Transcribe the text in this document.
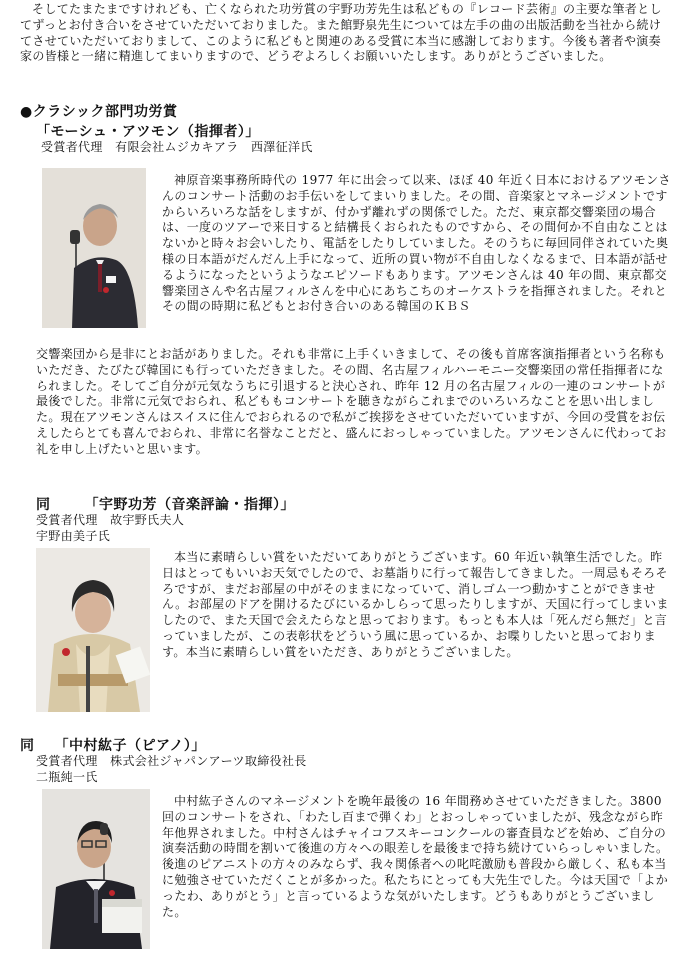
そしてたまたまですけれども、亡くなられた功労賞の宇野功芳先生は私どもの『レコード芸術』の主要な筆者としてずっとお付き合いをさせていただいておりました。また館野泉先生については左手の曲の出版活動を当社から続けてさせていただいておりまして、このように私どもと関連のある受賞に本当に感謝しております。今後も著者や演奏家の皆様と一緒に精進してまいりますので、どうぞよろしくお願いいたします。ありがとうございました。

●クラシック部門功労賞
「モーシュ・アツモン（指揮者）」

受賞者代理　有限会社ムジカキアラ　西澤征洋氏

神原音楽事務所時代の 1977 年に出会って以来、ほぼ 40 年近く日本におけるアツモンさんのコンサート活動のお手伝いをしてまいりました。その間、音楽家とマネージメントですからいろいろな話をしますが、付かず離れずの関係でした。ただ、東京都交響楽団の場合は、一度のツアーで来日すると結構長くおられたものですから、その間何か不自由なことはないかと時々お会いしたり、電話をしたりしていました。そのうちに毎回同伴されていた奥様の日本語がだんだん上手になって、近所の買い物が不自由しなくなるまで、日本語が話せるようになったというようなエピソードもあります。アツモンさんは 40 年の間、東京都交響楽団さんや名古屋フィルさんを中心にあちこちのオーケストラを指揮されました。それとその間の時期に私どもとお付き合いのある韓国のＫＢＳ

交響楽団から是非にとお話がありました。それも非常に上手くいきまして、その後も首席客演指揮者という名称もいただき、たびたび韓国にも行っていただきました。その間、名古屋フィルハーモニー交響楽団の常任指揮者になられました。そしてご自分が元気なうちに引退すると決心され、昨年 12 月の名古屋フィルの一連のコンサートが最後でした。非常に元気でおられ、私どももコンサートを聴きながらこれまでのいろいろなことを思い出しました。現在アツモンさんはスイスに住んでおられるので私がご挨拶をさせていただいていますが、今回の受賞をお伝えしたらとても喜んでおられ、非常に名誉なことだと、盛んにおっしゃっていました。アツモンさんに代わってお礼を申し上げたいと思います。

同 「宇野功芳（音楽評論・指揮）」

受賞者代理　故宇野氏夫人

宇野由美子氏

本当に素晴らしい賞をいただいてありがとうございます。60 年近い執筆生活でした。昨日はとってもいいお天気でしたので、お墓詣りに行って報告してきました。一周忌もそろそろですが、まだお部屋の中がそのままになっていて、消しゴム一つ動かすことができません。お部屋のドアを開けるたびにいるかしらって思ったりしますが、天国に行ってしまいましたので、また天国で会えたらなと思っております。もっとも本人は「死んだら無だ」と言っていましたが、この表彰状をどういう風に思っているか、お喋りしたいと思っております。本当に素晴らしい賞をいただき、ありがとうございました。

同 「中村紘子（ピアノ）」

受賞者代理　株式会社ジャパンアーツ取締役社長

二瓶純一氏

中村紘子さんのマネージメントを晩年最後の 16 年間務めさせていただきました。3800 回のコンサートをされ、「わたし百まで弾くわ」とおっしゃっていましたが、残念ながら昨年他界されました。中村さんはチャイコフスキーコンクールの審査員などを始め、ご自分の演奏活動の時間を割いて後進の方々への眼差しを最後まで持ち続けていらっしゃいました。後進のピアニストの方々のみならず、我々関係者への叱咤激励も普段から厳しく、私も本当に勉強させていただくことが多かった。私たちにとっても大先生でした。今は天国で「よかったわ、ありがとう」と言っているような気がいたします。どうもありがとうございました。
